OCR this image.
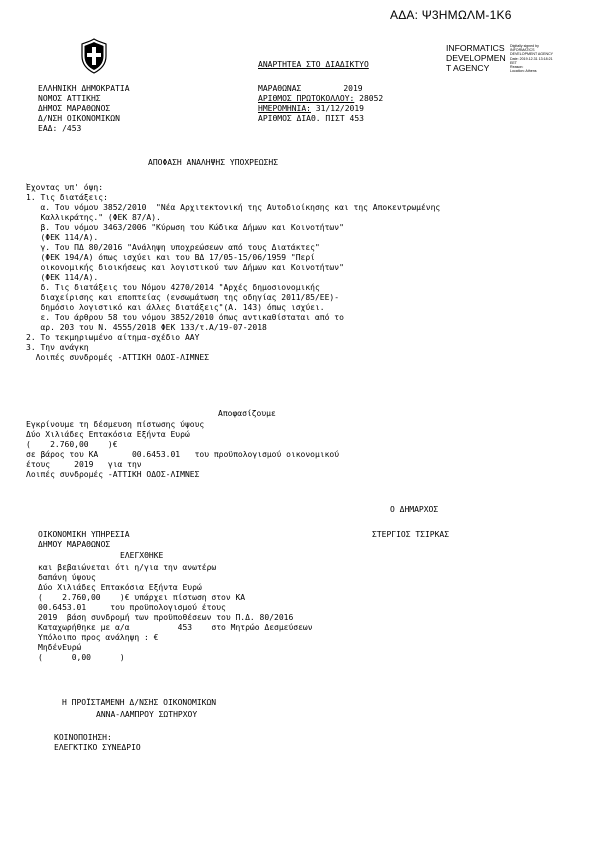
ΑΔΑ: Ψ3ΗΜΩΛΜ-1Κ6
ΑΝΑΡΤΗΤΕΑ ΣΤΟ ΔΙΑΔΙΚΤΥΟ
INFORMATICS
DEVELOPMEN
T AGENCY
Digitally signed by
INFORMATICS
DEVELOPMENT AGENCY
Date: 2019.12.31 13:18:21
EET
Reason:
Location: Athens
ΕΛΛΗΝΙΚΗ ΔΗΜΟΚΡΑΤΙΑ
ΝΟΜΟΣ ΑΤΤΙΚΗΣ
ΔΗΜΟΣ ΜΑΡΑΘΩΝΟΣ
Δ/ΝΣΗ ΟΙΚΟΝΟΜΙΚΩΝ
ΕΑΔ: /453
ΜΑΡΑΘΩΝΑΣ	2019
ΑΡΙΘΜΟΣ ΠΡΩΤΟΚΟΛΛΟΥ: 28052
ΗΜΕΡΟΜΗΝΙΑ: 31/12/2019
ΑΡΙΘΜΟΣ ΔΙΑΘ. ΠΙΣΤ 453
ΑΠΟΦΑΣΗ ΑΝΑΛΗΨΗΣ ΥΠΟΧΡΕΩΣΗΣ
Έχοντας υπ' όψη:
1. Τις διατάξεις:
α. Του νόμου 3852/2010  "Νέα Αρχιτεκτονική της Αυτοδιοίκησης και της Αποκεντρωμένης
Καλλικράτης." (ΦΕΚ 87/Α).
β. Του νόμου 3463/2006 "Κύρωση του Κώδικα Δήμων και Κοινοτήτων"
(ΦΕΚ 114/Α).
γ. Του ΠΔ 80/2016 "Ανάληψη υποχρεώσεων από τους Διατάκτες"
(ΦΕΚ 194/Α) όπως ισχύει και του ΒΔ 17/05-15/06/1959 "Περί
οικονομικής διοικήσεως και λογιστικού των Δήμων και Κοινοτήτων"
(ΦΕΚ 114/Α).
δ. Τις διατάξεις του Νόμου 4270/2014 "Αρχές δημοσιονομικής
διαχείρισης και εποπτείας (ενσωμάτωση της οδηγίας 2011/85/ΕΕ)-
δημόσιο λογιστικό και άλλες διατάξεις"(Α. 143) όπως ισχύει.
ε. Του άρθρου 58 του νόμου 3852/2010 όπως αντικαθίσταται από το
αρ. 203 του Ν. 4555/2018 ΦΕΚ 133/τ.Α/19-07-2018
2. Το τεκμηριωμένο αίτημα-σχέδιο ΑΑΥ
3. Την ανάγκη
Λοιπές συνδρομές -ΑΤΤΙΚΗ ΟΔΟΣ-ΛΙΜΝΕΣ
Αποφασίζουμε
Εγκρίνουμε τη δέσμευση πίστωσης ύψους
Δύο Χιλιάδες Επτακόσια Εξήντα Ευρώ
(    2.760,00    )€
σε βάρος του ΚΑ       00.6453.01   του προϋπολογισμού οικονομικού
έτους     2019   για την
Λοιπές συνδρομές -ΑΤΤΙΚΗ ΟΔΟΣ-ΛΙΜΝΕΣ
Ο ΔΗΜΑΡΧΟΣ
ΣΤΕΡΓΙΟΣ ΤΣΙΡΚΑΣ
ΟΙΚΟΝΟΜΙΚΗ ΥΠΗΡΕΣΙΑ
ΔΗΜΟΥ ΜΑΡΑΘΩΝΟΣ
ΕΛΕΓΧΘΗΚΕ
και βεβαιώνεται ότι η/για την ανωτέρω
δαπάνη ύψους
Δύο Χιλιάδες Επτακόσια Εξήντα Ευρώ
(    2.760,00    )€ υπάρχει πίστωση στον ΚΑ
00.6453.01     του προϋπολογισμού έτους
2019  βάση συνδρομή των προϋποθέσεων του Π.Δ. 80/2016
Καταχωρήθηκε με α/α          453    στο Μητρώο Δεσμεύσεων
Υπόλοιπο προς ανάληψη : €
ΜηδένΕυρώ
(      0,00      )
Η ΠΡΟΪΣΤΑΜΕΝΗ Δ/ΝΣΗΣ ΟΙΚΟΝΟΜΙΚΩΝ
ΑΝΝΑ-ΛΑΜΠΡΟΥ ΣΩΤΗΡΧΟΥ
ΚΟΙΝΟΠΟΙΗΣΗ:
ΕΛΕΓΚΤΙΚΟ ΣΥΝΕΔΡΙΟ
